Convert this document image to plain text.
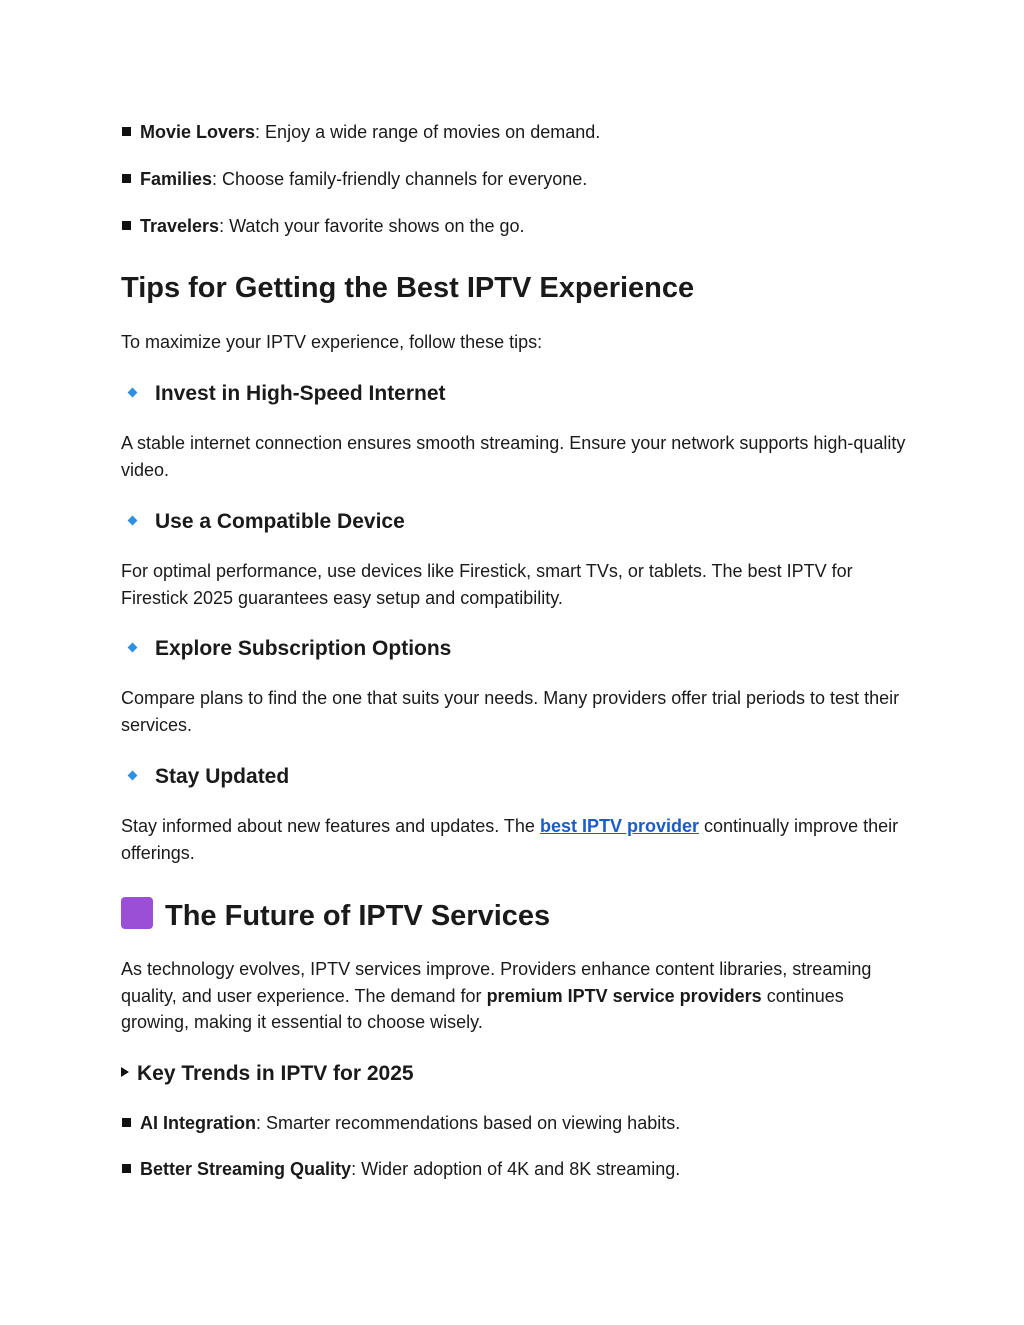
Movie Lovers: Enjoy a wide range of movies on demand.
Families: Choose family-friendly channels for everyone.
Travelers: Watch your favorite shows on the go.
Tips for Getting the Best IPTV Experience
To maximize your IPTV experience, follow these tips:
Invest in High-Speed Internet
A stable internet connection ensures smooth streaming. Ensure your network supports high-quality video.
Use a Compatible Device
For optimal performance, use devices like Firestick, smart TVs, or tablets. The best IPTV for Firestick 2025 guarantees easy setup and compatibility.
Explore Subscription Options
Compare plans to find the one that suits your needs. Many providers offer trial periods to test their services.
Stay Updated
Stay informed about new features and updates. The best IPTV provider continually improve their offerings.
The Future of IPTV Services
As technology evolves, IPTV services improve. Providers enhance content libraries, streaming quality, and user experience. The demand for premium IPTV service providers continues growing, making it essential to choose wisely.
Key Trends in IPTV for 2025
AI Integration: Smarter recommendations based on viewing habits.
Better Streaming Quality: Wider adoption of 4K and 8K streaming.
